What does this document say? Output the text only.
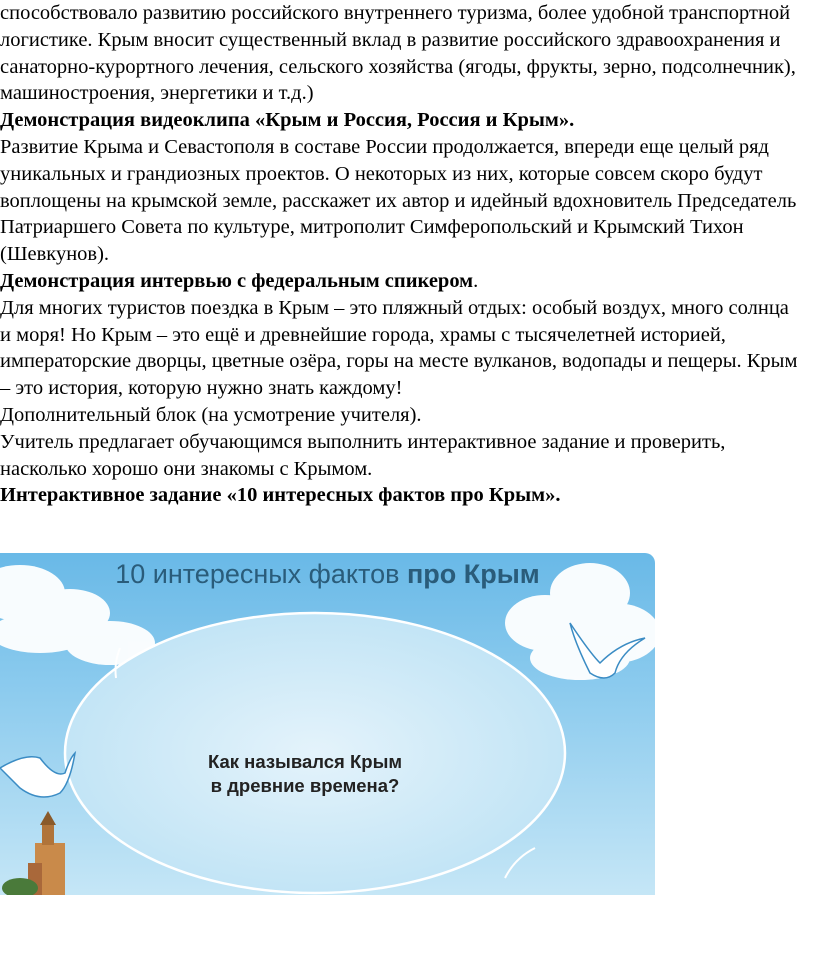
способствовало развитию российского внутреннего туризма, более удобной транспортной
логистике. Крым вносит существенный вклад в развитие российского здравоохранения и
санаторно-курортного лечения, сельского хозяйства (ягоды, фрукты, зерно, подсолнечник),
машиностроения, энергетики и т.д.)
Демонстрация видеоклипа «Крым и Россия, Россия и Крым».
Развитие Крыма и Севастополя в составе России продолжается, впереди еще целый ряд
уникальных и грандиозных проектов. О некоторых из них, которые совсем скоро будут
воплощены на крымской земле, расскажет их автор и идейный вдохновитель Председатель
Патриаршего Совета по культуре, митрополит Симферопольский и Крымский Тихон
(Шевкунов).
Демонстрация интервью с федеральным спикером.
Для многих туристов поездка в Крым – это пляжный отдых: особый воздух, много солнца
и моря! Но Крым – это ещё и древнейшие города, храмы с тысячелетней историей,
императорские дворцы, цветные озёра, горы на месте вулканов, водопады и пещеры. Крым
– это история, которую нужно знать каждому!
Дополнительный блок (на усмотрение учителя).
Учитель предлагает обучающимся выполнить интерактивное задание и проверить,
насколько хорошо они знакомы с Крымом.
Интерактивное задание «10 интересных фактов про Крым».
10 интересных фактов про Крым
Как назывался Крым
в древние времена?
